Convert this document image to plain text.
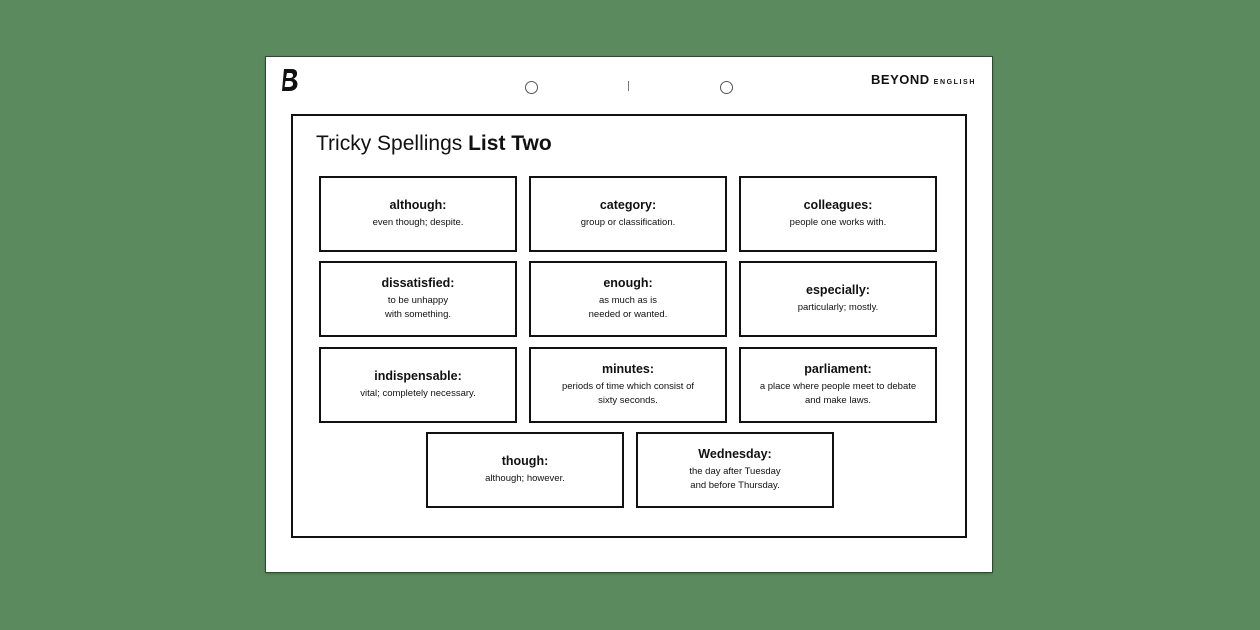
BEYOND ENGLISH
Tricky Spellings List Two
although:
even though; despite.
category:
group or classification.
colleagues:
people one works with.
dissatisfied:
to be unhappy
with something.
enough:
as much as is
needed or wanted.
especially:
particularly; mostly.
indispensable:
vital; completely necessary.
minutes:
periods of time which consist of
sixty seconds.
parliament:
a place where people meet to debate
and make laws.
though:
although; however.
Wednesday:
the day after Tuesday
and before Thursday.
